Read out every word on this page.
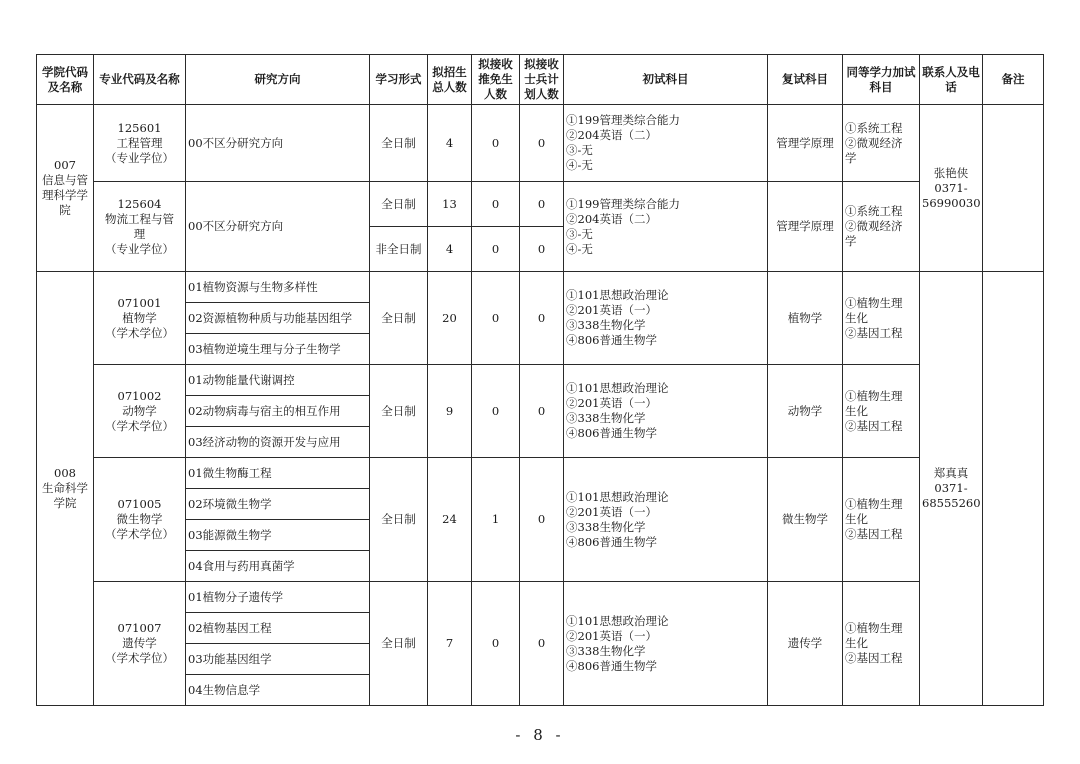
学院代码及名称	专业代码及名称	研究方向	学习形式	拟招生总人数	拟接收推免生人数	拟接收士兵计划人数	初试科目	复试科目	同等学力加试科目	联系人及电话	备注

007
信息与管
理科学学
院	125601
工程管理
（专业学位）	00不区分研究方向	全日制	4	0	0	①199管理类综合能力
②204英语（二）
③-无
④-无	管理学原理	①系统工程
②微观经济
学	张艳侠
0371-
56990030	

	125604
物流工程与管
理
（专业学位）	00不区分研究方向	全日制	13	0	0	①199管理类综合能力
②204英语（二）
③-无
④-无	管理学原理	①系统工程
②微观经济
学		

			非全日制	4	0	0					

008
生命科学
学院	071001
植物学
（学术学位）	01植物资源与生物多样性	全日制	20	0	0	①101思想政治理论
②201英语（一）
③338生物化学
④806普通生物学	植物学	①植物生理
生化
②基因工程	郑真真
0371-
68555260	

		02资源植物种质与功能基因组学									
		03植物逆境生理与分子生物学									

	071002
动物学
（学术学位）	01动物能量代谢调控	全日制	9	0	0	①101思想政治理论
②201英语（一）
③338生物化学
④806普通生物学	动物学	①植物生理
生化
②基因工程		

		02动物病毒与宿主的相互作用									
		03经济动物的资源开发与应用									

	071005
微生物学
（学术学位）	01微生物酶工程	全日制	24	1	0	①101思想政治理论
②201英语（一）
③338生物化学
④806普通生物学	微生物学	①植物生理
生化
②基因工程		

		02环境微生物学									
		03能源微生物学									
		04食用与药用真菌学									

	071007
遗传学
（学术学位）	01植物分子遗传学	全日制	7	0	0	①101思想政治理论
②201英语（一）
③338生物化学
④806普通生物学	遗传学	①植物生理
生化
②基因工程		

		02植物基因工程									
		03功能基因组学									
		04生物信息学									
- 8 -
